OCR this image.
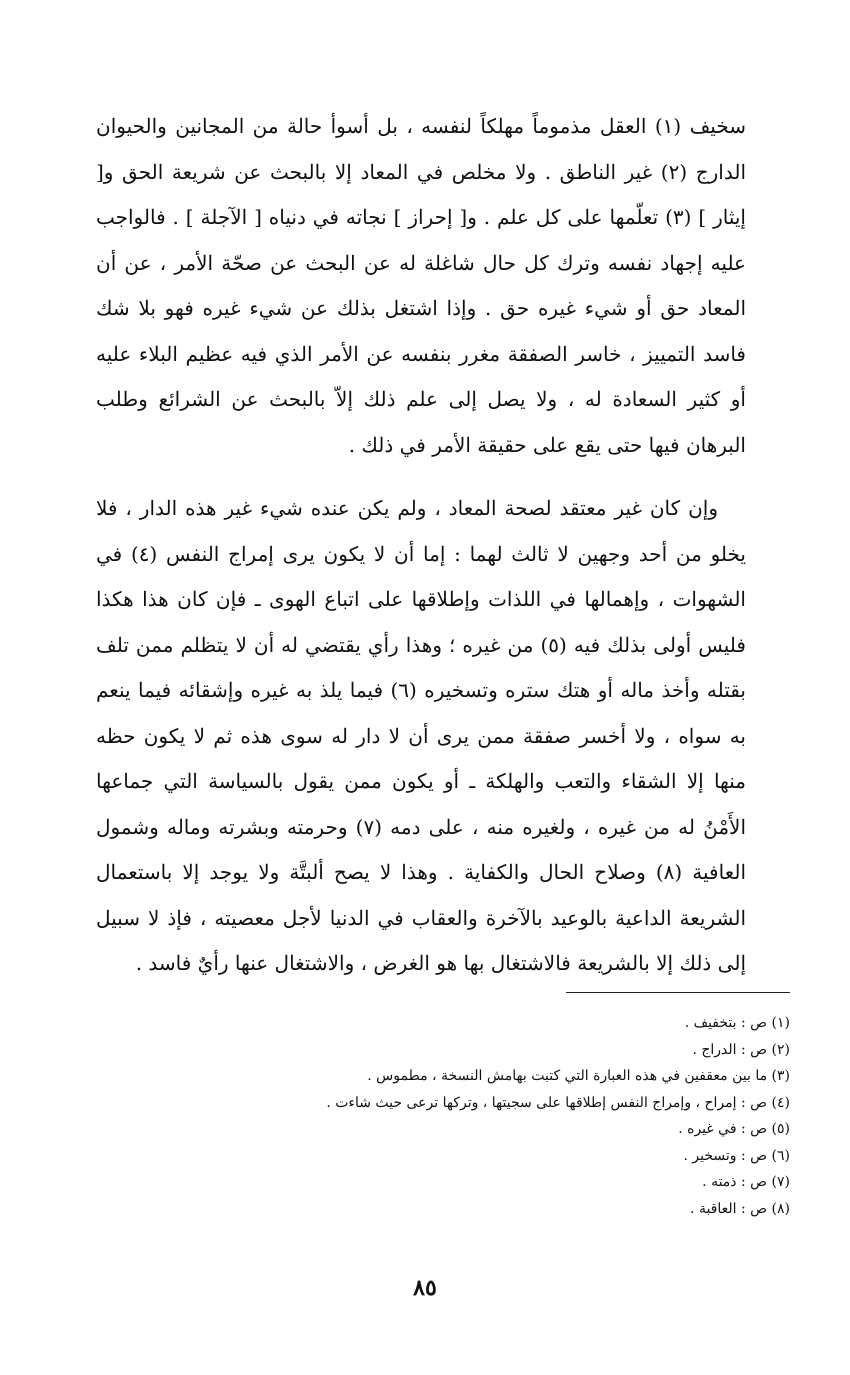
سخيف (١) العقل مذموماً مهلكاً لنفسه ، بل أسوأ حالة من المجانين والحيوان الدارج (٢) غير الناطق . ولا مخلص في المعاد إلا بالبحث عن شريعة الحق و[ إيثار ] (٣) تعلّمها على كل علم . و[ إحراز ] نجاته في دنياه [ الآجلة ] . فالواجب عليه إجهاد نفسه وترك كل حال شاغلة له عن البحث عن صحّة الأمر ، عن أن المعاد حق أو شيء غيره حق . وإذا اشتغل بذلك عن شيء غيره فهو بلا شك فاسد التمييز ، خاسر الصفقة مغرر بنفسه عن الأمر الذي فيه عظيم البلاء عليه أو كثير السعادة له ، ولا يصل إلى علم ذلك إلاّ بالبحث عن الشرائع وطلب البرهان فيها حتى يقع على حقيقة الأمر في ذلك .

وإن كان غير معتقد لصحة المعاد ، ولم يكن عنده شيء غير هذه الدار ، فلا يخلو من أحد وجهين لا ثالث لهما : إما أن لا يكون يرى إمراج النفس (٤) في الشهوات ، وإهمالها في اللذات وإطلاقها على اتباع الهوى ـ فإن كان هذا هكذا فليس أولى بذلك فيه (٥) من غيره ؛ وهذا رأي يقتضي له أن لا يتظلم ممن تلف بقتله وأخذ ماله أو هتك ستره وتسخيره (٦) فيما يلذ به غيره وإشقائه فيما ينعم به سواه ، ولا أخسر صفقة ممن يرى أن لا دار له سوى هذه ثم لا يكون حظه منها إلا الشقاء والتعب والهلكة ـ أو يكون ممن يقول بالسياسة التي جماعها الأَمْنُ له من غيره ، ولغيره منه ، على دمه (٧) وحرمته وبشرته وماله وشمول العافية (٨) وصلاح الحال والكفاية . وهذا لا يصح ألبتَّة ولا يوجد إلا باستعمال الشريعة الداعية بالوعيد بالآخرة والعقاب في الدنيا لأجل معصيته ، فإذ لا سبيل إلى ذلك إلا بالشريعة فالاشتغال بها هو الغرض ، والاشتغال عنها رأيٌ فاسد .

(١) ص : بتخفيف .
(٢) ص : الدراج .
(٣) ما بين معقفين في هذه العبارة التي كتبت بهامش النسخة ، مطموس .
(٤) ص : إمراح ، وإمراج النفس إطلاقها على سجيتها ، وتركها ترعى حيث شاءت .
(٥) ص : في غيره .
(٦) ص : وتسخير .
(٧) ص : ذمته .
(٨) ص : العاقبة .
٨٥
